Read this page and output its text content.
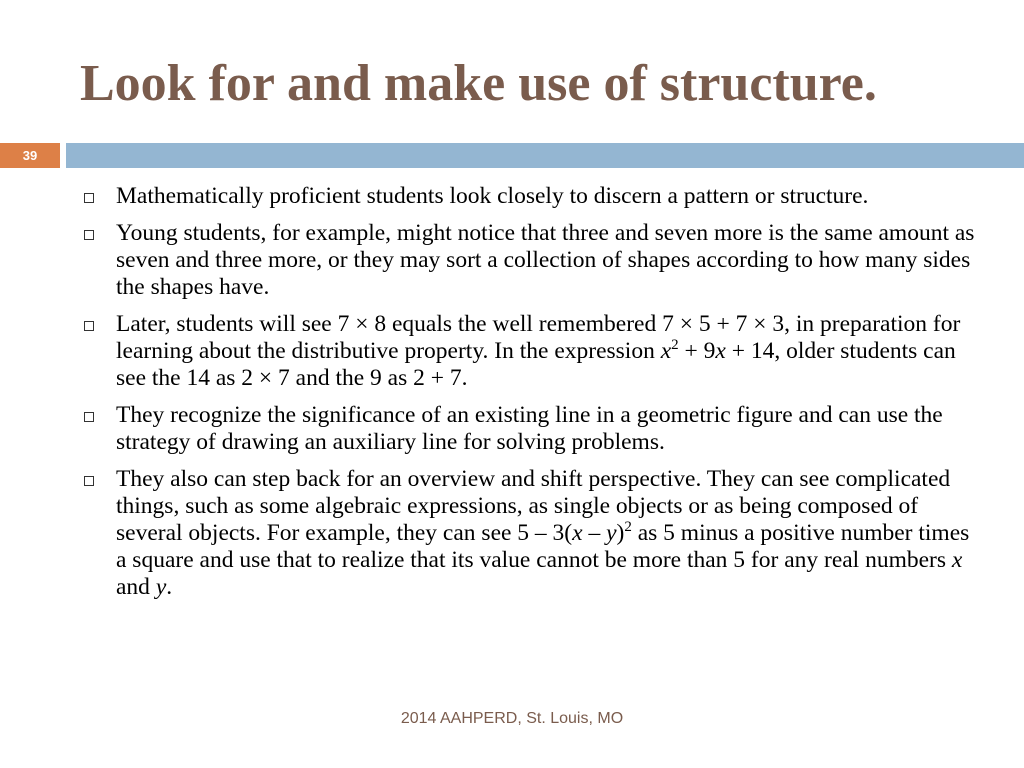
Look for and make use of structure.
39
Mathematically proficient students look closely to discern a pattern or structure.
Young students, for example, might notice that three and seven more is the same amount as seven and three more, or they may sort a collection of shapes according to how many sides the shapes have.
Later, students will see 7 × 8 equals the well remembered 7 × 5 + 7 × 3, in preparation for learning about the distributive property. In the expression $x^2 + 9x + 14$, older students can see the 14 as 2 × 7 and the 9 as 2 + 7.
They recognize the significance of an existing line in a geometric figure and can use the strategy of drawing an auxiliary line for solving problems.
They also can step back for an overview and shift perspective. They can see complicated things, such as some algebraic expressions, as single objects or as being composed of several objects. For example, they can see 5 – 3(x – y)$^2$ as 5 minus a positive number times a square and use that to realize that its value cannot be more than 5 for any real numbers x and y.
2014 AAHPERD, St. Louis, MO
